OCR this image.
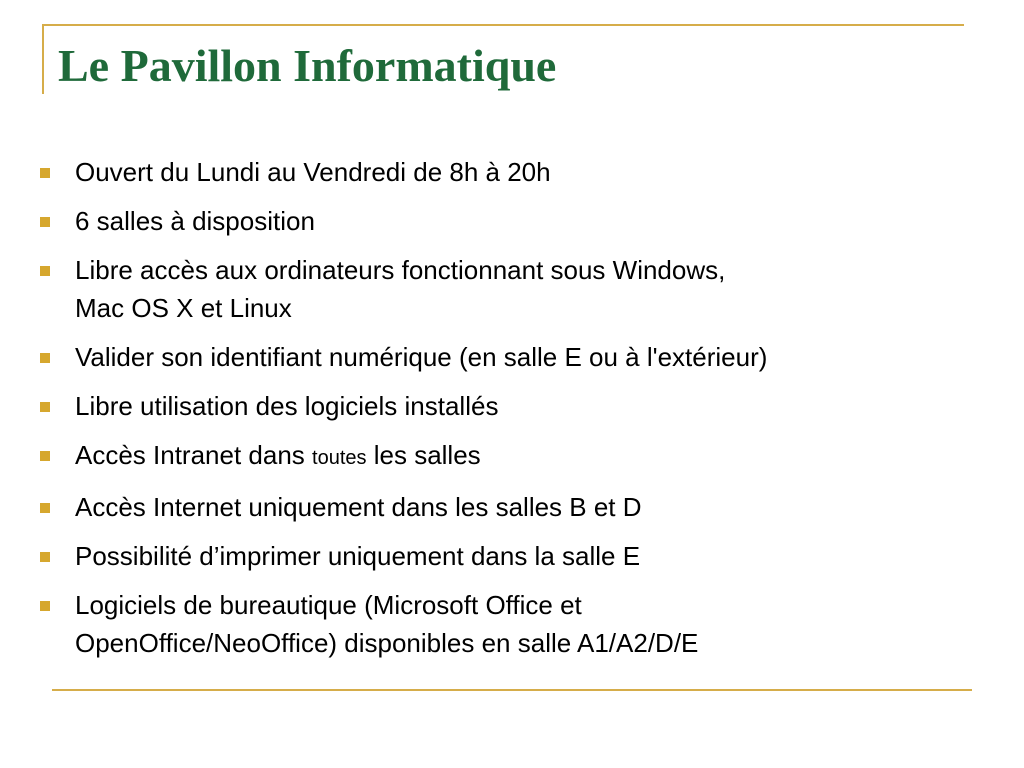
Le Pavillon Informatique
Ouvert du Lundi au Vendredi de 8h à 20h
6 salles à disposition
Libre accès aux ordinateurs fonctionnant sous Windows,
Mac OS X et Linux
Valider son identifiant numérique (en salle E ou à l'extérieur)
Libre utilisation des logiciels installés
Accès Intranet dans toutes les salles
Accès Internet uniquement dans les salles B et D
Possibilité d’imprimer uniquement dans la salle E
Logiciels de bureautique (Microsoft Office et
OpenOffice/NeoOffice) disponibles en salle A1/A2/D/E
